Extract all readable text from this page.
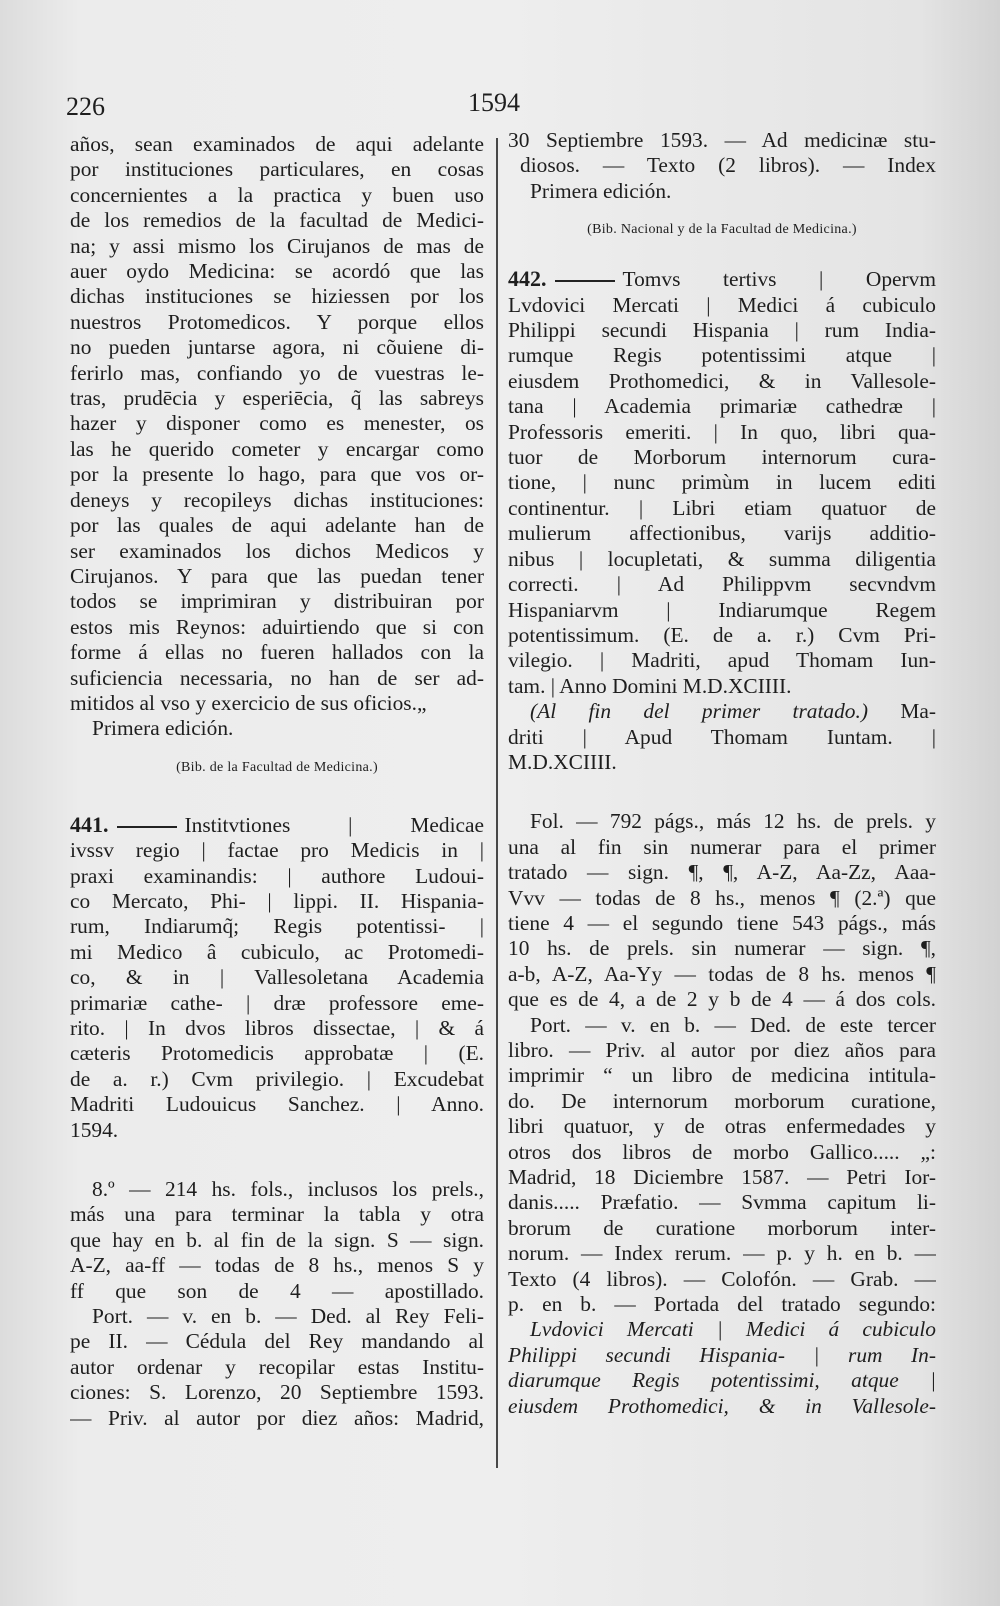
226	1594
años, sean examinados de aqui adelante
por instituciones particulares, en cosas
concernientes a la practica y buen uso
de los remedios de la facultad de Medici-
na; y assi mismo los Cirujanos de mas de
auer oydo Medicina: se acordó que las
dichas instituciones se hiziessen por los
nuestros Protomedicos. Y porque ellos
no pueden juntarse agora, ni cõuiene di-
ferirlo mas, confiando yo de vuestras le-
tras, prudēcia y esperiēcia, q̃ las sabreys
hazer y disponer como es menester, os
las he querido cometer y encargar como
por la presente lo hago, para que vos or-
deneys y recopileys dichas instituciones:
por las quales de aqui adelante han de
ser examinados los dichos Medicos y
Cirujanos. Y para que las puedan tener
todos se imprimiran y distribuiran por
estos mis Reynos: aduirtiendo que si con
forme á ellas no fueren hallados con la
suficiencia necessaria, no han de ser ad-
mitidos al vso y exercicio de sus oficios.„
Primera edición.
(Bib. de la Facultad de Medicina.)
441.	Institvtiones | Medicae
ivssv regio | factae pro Medicis in |
praxi examinandis: | authore Ludoui-
co Mercato, Phi- | lippi. II. Hispania-
rum, Indiarumq̃; Regis potentissi- |
mi Medico â cubiculo, ac Protomedi-
co, & in | Vallesoletana Academia
primariæ cathe- | dræ professore eme-
rito. | In dvos libros dissectae, | & á
cæteris Protomedicis approbatæ | (E.
de a. r.) Cvm privilegio. | Excudebat
Madriti Ludouicus Sanchez. | Anno.
1594.
8.º — 214 hs. fols., inclusos los prels.,
más una para terminar la tabla y otra
que hay en b. al fin de la sign. S — sign.
A-Z, aa-ff — todas de 8 hs., menos S y
ff que son de 4 — apostillado.
Port. — v. en b. — Ded. al Rey Feli-
pe II. — Cédula del Rey mandando al
autor ordenar y recopilar estas Institu-
ciones: S. Lorenzo, 20 Septiembre 1593.
— Priv. al autor por diez años: Madrid,
30 Septiembre 1593. — Ad medicinæ stu-
diosos. — Texto (2 libros). — Index
Primera edición.
(Bib. Nacional y de la Facultad de Medicina.)
442.	Tomvs tertivs | Opervm
Lvdovici Mercati | Medici á cubiculo
Philippi secundi Hispania | rum India-
rumque Regis potentissimi atque |
eiusdem Prothomedici, & in Vallesole-
tana | Academia primariæ cathedræ |
Professoris emeriti. | In quo, libri qua-
tuor de Morborum internorum cura-
tione, | nunc primùm in lucem editi
continentur. | Libri etiam quatuor de
mulierum affectionibus, varijs additio-
nibus | locupletati, & summa diligentia
correcti. | Ad Philippvm secvndvm
Hispaniarvm | Indiarumque Regem
potentissimum. (E. de a. r.) Cvm Pri-
vilegio. | Madriti, apud Thomam Iun-
tam. | Anno Domini M.D.XCIIII.
(Al fin del primer tratado.) Ma-
driti | Apud Thomam Iuntam. |
M.D.XCIIII.
Fol. — 792 págs., más 12 hs. de prels. y
una al fin sin numerar para el primer
tratado — sign. ¶, ¶, A-Z, Aa-Zz, Aaa-
Vvv — todas de 8 hs., menos ¶ (2.ª) que
tiene 4 — el segundo tiene 543 págs., más
10 hs. de prels. sin numerar — sign. ¶,
a-b, A-Z, Aa-Yy — todas de 8 hs. menos ¶
que es de 4, a de 2 y b de 4 — á dos cols.
Port. — v. en b. — Ded. de este tercer
libro. — Priv. al autor por diez años para
imprimir “ un libro de medicina intitula-
do. De internorum morborum curatione,
libri quatuor, y de otras enfermedades y
otros dos libros de morbo Gallico..... „:
Madrid, 18 Diciembre 1587. — Petri Ior-
danis..... Præfatio. — Svmma capitum li-
brorum de curatione morborum inter-
norum. — Index rerum. — p. y h. en b. —
Texto (4 libros). — Colofón. — Grab. —
p. en b. — Portada del tratado segundo:
Lvdovici Mercati | Medici á cubiculo
Philippi secundi Hispania- | rum In-
diarumque Regis potentissimi, atque |
eiusdem Prothomedici, & in Vallesole-
